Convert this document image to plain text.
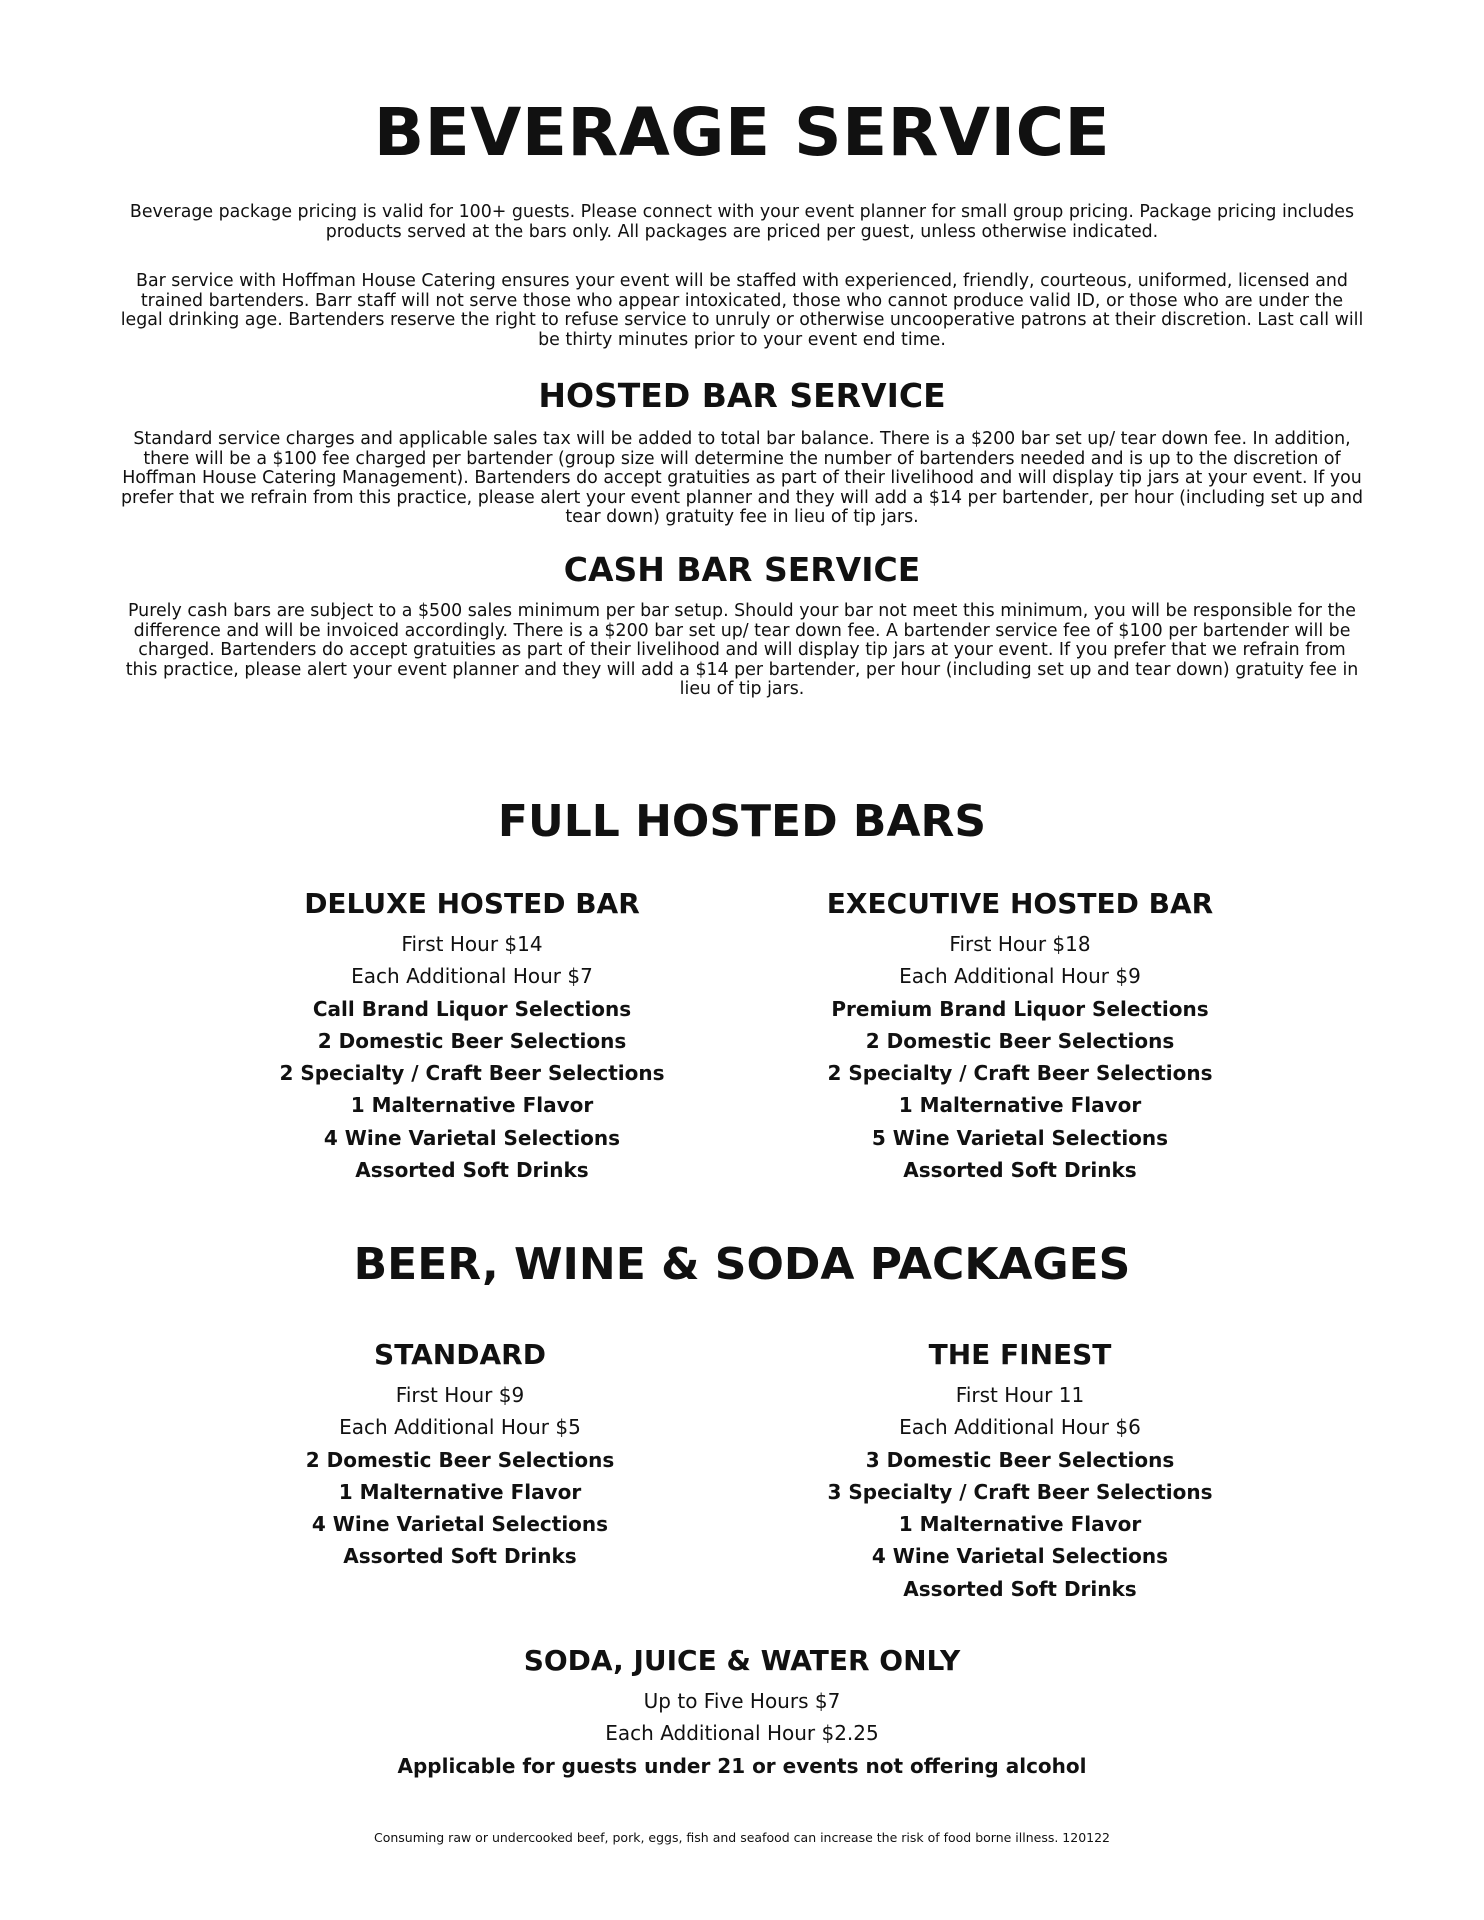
BEVERAGE SERVICE

Beverage package pricing is valid for 100+ guests. Please connect with your event planner for small group pricing. Package pricing includes products served at the bars only. All packages are priced per guest, unless otherwise indicated.

Bar service with Hoffman House Catering ensures your event will be staffed with experienced, friendly, courteous, uniformed, licensed and trained bartenders. Barr staff will not serve those who appear intoxicated, those who cannot produce valid ID, or those who are under the legal drinking age. Bartenders reserve the right to refuse service to unruly or otherwise uncooperative patrons at their discretion. Last call will be thirty minutes prior to your event end time.

HOSTED BAR SERVICE

Standard service charges and applicable sales tax will be added to total bar balance. There is a $200 bar set up/ tear down fee. In addition, there will be a $100 fee charged per bartender (group size will determine the number of bartenders needed and is up to the discretion of Hoffman House Catering Management). Bartenders do accept gratuities as part of their livelihood and will display tip jars at your event. If you prefer that we refrain from this practice, please alert your event planner and they will add a $14 per bartender, per hour (including set up and tear down) gratuity fee in lieu of tip jars.

CASH BAR SERVICE

Purely cash bars are subject to a $500 sales minimum per bar setup. Should your bar not meet this minimum, you will be responsible for the difference and will be invoiced accordingly. There is a $200 bar set up/ tear down fee. A bartender service fee of $100 per bartender will be charged. Bartenders do accept gratuities as part of their livelihood and will display tip jars at your event. If you prefer that we refrain from this practice, please alert your event planner and they will add a $14 per bartender, per hour (including set up and tear down) gratuity fee in lieu of tip jars.

FULL HOSTED BARS
DELUXE HOSTED BAR
First Hour $14
Each Additional Hour $7
Call Brand Liquor Selections
2 Domestic Beer Selections
2 Specialty / Craft Beer Selections
1 Malternative Flavor
4 Wine Varietal Selections
Assorted Soft Drinks
EXECUTIVE HOSTED BAR
First Hour $18
Each Additional Hour $9
Premium Brand Liquor Selections
2 Domestic Beer Selections
2 Specialty / Craft Beer Selections
1 Malternative Flavor
5 Wine Varietal Selections
Assorted Soft Drinks
BEER, WINE & SODA PACKAGES
STANDARD
First Hour $9
Each Additional Hour $5
2 Domestic Beer Selections
1 Malternative Flavor
4 Wine Varietal Selections
Assorted Soft Drinks
THE FINEST
First Hour 11
Each Additional Hour $6
3 Domestic Beer Selections
3 Specialty / Craft Beer Selections
1 Malternative Flavor
4 Wine Varietal Selections
Assorted Soft Drinks
SODA, JUICE & WATER ONLY
Up to Five Hours $7
Each Additional Hour $2.25
Applicable for guests under 21 or events not offering alcohol

Consuming raw or undercooked beef, pork, eggs, fish and seafood can increase the risk of food borne illness. 120122
